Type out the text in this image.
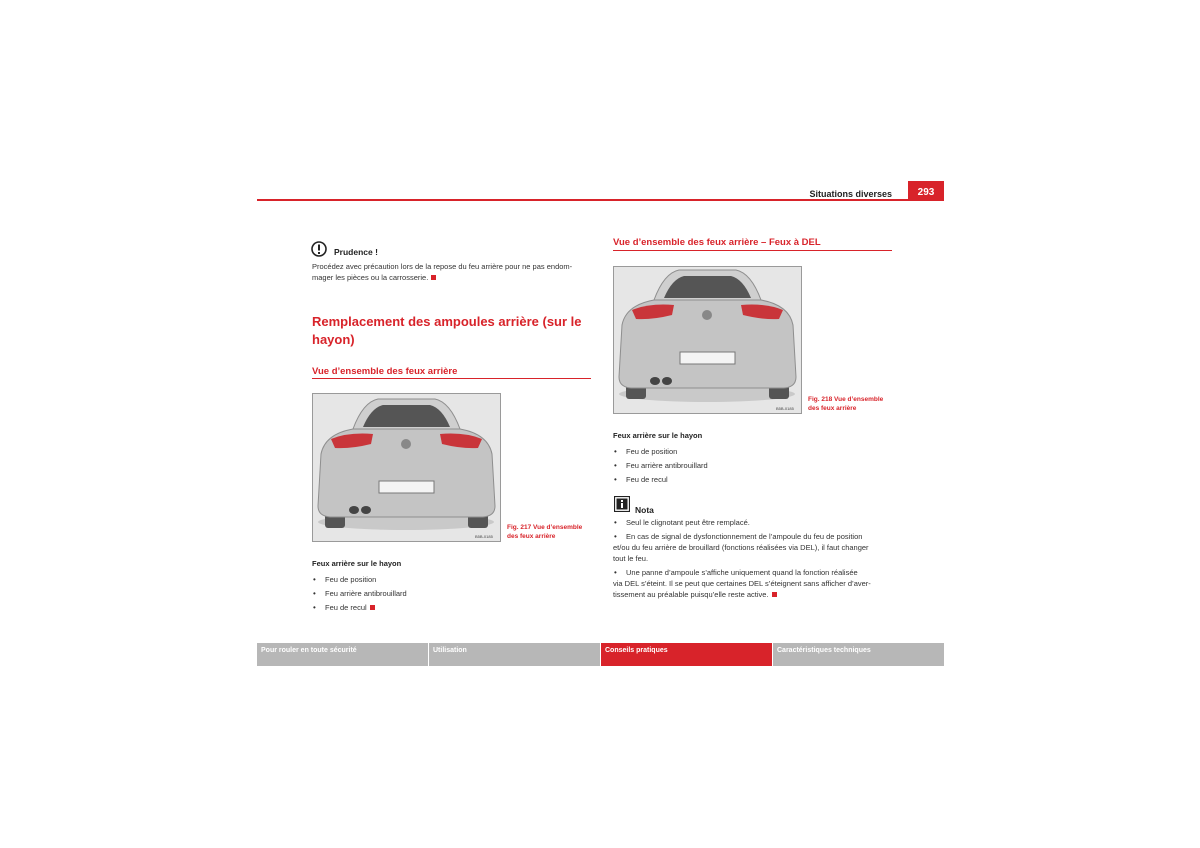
Situations diverses	293
Prudence !
Procédez avec précaution lors de la repose du feu arrière pour ne pas endom-
mager les pièces ou la carrosserie.
Remplacement des ampoules arrière (sur le hayon)
Vue d’ensemble des feux arrière
B5B-0185
Fig. 217 Vue d’ensemble
des feux arrière
Feux arrière sur le hayon
• Feu de position
• Feu arrière antibrouillard
• Feu de recul
Vue d’ensemble des feux arrière – Feux à DEL
B5B-0185
Fig. 218 Vue d’ensemble
des feux arrière
Feux arrière sur le hayon
• Feu de position
• Feu arrière antibrouillard
• Feu de recul
Nota
• Seul le clignotant peut être remplacé.
• En cas de signal de dysfonctionnement de l’ampoule du feu de position
et/ou du feu arrière de brouillard (fonctions réalisées via DEL), il faut changer
tout le feu.
• Une panne d’ampoule s’affiche uniquement quand la fonction réalisée
via DEL s’éteint. Il se peut que certaines DEL s’éteignent sans afficher d’aver-
tissement au préalable puisqu’elle reste active.
Pour rouler en toute sécurité	Utilisation	Conseils pratiques	Caractéristiques techniques
